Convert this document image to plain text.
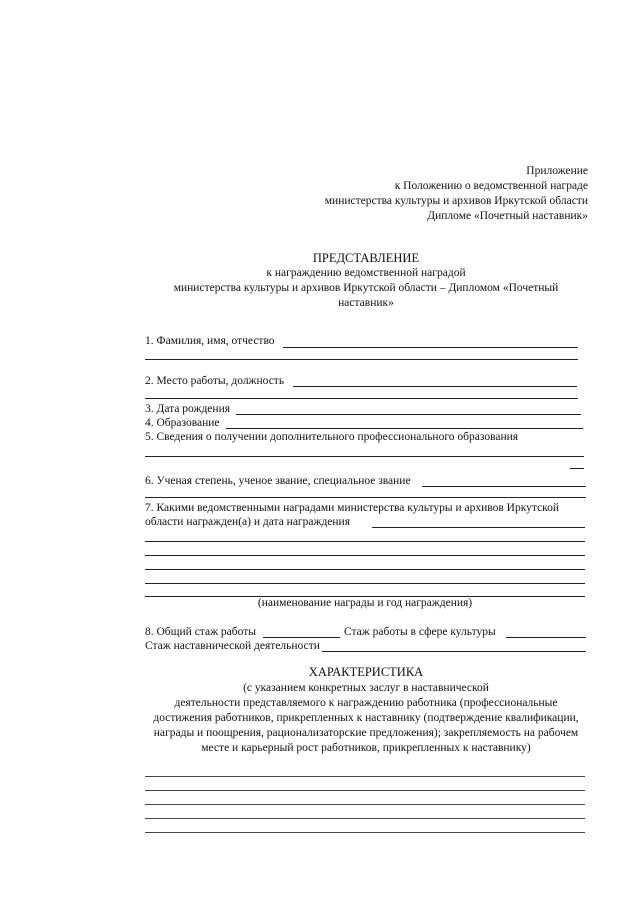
Приложение
к Положению о ведомственной награде
министерства культуры и архивов Иркутской области
Дипломе «Почетный наставник»
ПРЕДСТАВЛЕНИЕ
к награждению ведомственной наградой
министерства культуры и архивов Иркутской области – Дипломом «Почетный
наставник»
1. Фамилия, имя, отчество
2. Место работы, должность
3. Дата рождения
4. Образование
5. Сведения о получении дополнительного профессионального образования
6. Ученая степень, ученое звание, специальное звание
7. Какими ведомственными наградами министерства культуры и архивов Иркутской
области награжден(а) и дата награждения
(наименование награды и год награждения)
8. Общий стаж работы	Стаж работы в сфере культуры
Стаж наставнической деятельности
ХАРАКТЕРИСТИКА
(с указанием конкретных заслуг в наставнической
деятельности представляемого к награждению работника (профессиональные
достижения работников, прикрепленных к наставнику (подтверждение квалификации,
награды и поощрения, рационализаторские предложения); закрепляемость на рабочем
месте и карьерный рост работников, прикрепленных к наставнику)
